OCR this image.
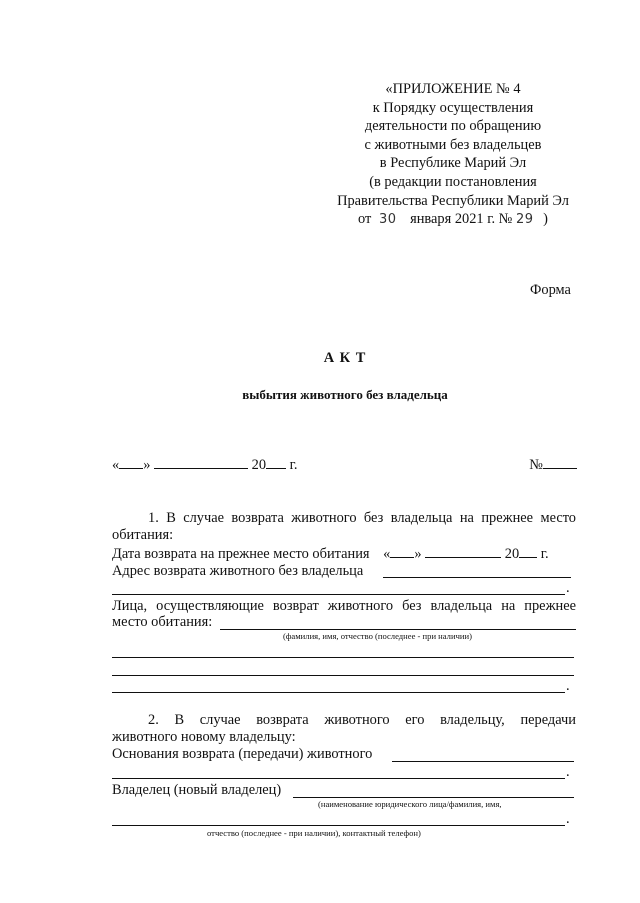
«ПРИЛОЖЕНИЕ № 4
к Порядку осуществления
деятельности по обращению
с животными без владельцев
в Республике Марий Эл
(в редакции постановления
Правительства Республики Марий Эл
от 30 января 2021 г. № 29 )
Форма
А К Т
выбытия животного без владельца
« »	20 г.	№
1. В случае возврата животного без владельца на прежнее место
обитания:
Дата возврата на прежнее место обитания « »	20 г.
Адрес возврата животного без владельца
.
Лица, осуществляющие возврат животного без владельца на прежнее
место обитания:
(фамилия, имя, отчество (последнее - при наличии)
.
2. В случае возврата животного его владельцу, передачи
животного новому владельцу:
Основания возврата (передачи) животного
.
Владелец (новый владелец)
(наименование юридического лица/фамилия, имя,
.
отчество (последнее - при наличии), контактный телефон)
